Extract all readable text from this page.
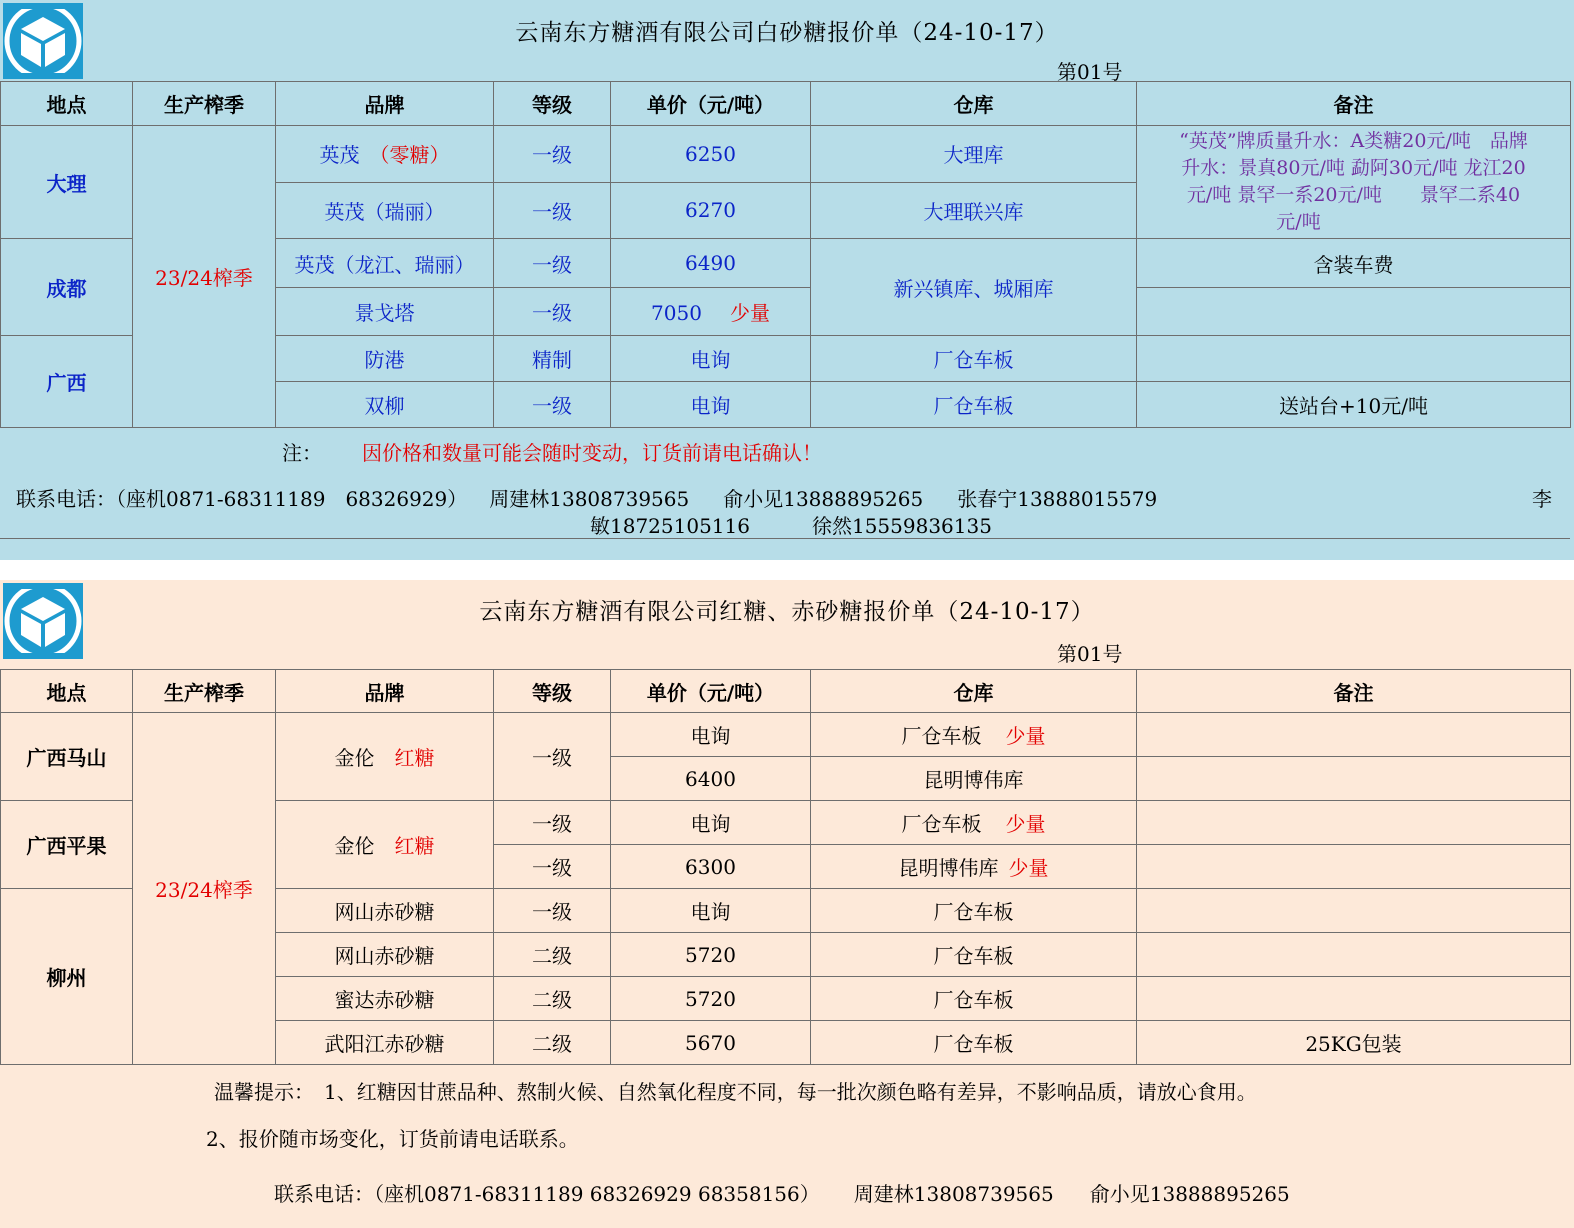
云南东方糖酒有限公司白砂糖报价单（24-10-17）
第01号
地点	生产榨季	品牌	等级	单价（元/吨）	仓库	备注
大理	23/24榨季	英茂　 （零糖）	一级	6250	大理库	“英茂”牌质量升水：A类糖20元/吨　品牌
升水：景真80元/吨 勐阿30元/吨 龙江20
元/吨 景罕一系20元/吨　　景罕二系40
元/吨

		英茂（瑞丽）	一级	6270	大理联兴库	
成都		英茂（龙江、瑞丽）	一级	6490	新兴镇库、城厢库	含装车费
		景戈塔	一级	7050 少量		
广西		防港	精制	电询	厂仓车板	
		双柳	一级	电询	厂仓车板	送站台+10元/吨
注： 因价格和数量可能会随时变动，订货前请电话确认！
联系电话：（座机0871-68311189　68326929） 周建林13808739565 俞小见13888895265 张春宁13888015579	李
敏18725105116	徐然15559836135
云南东方糖酒有限公司红糖、赤砂糖报价单（24-10-17）
第01号
地点	生产榨季	品牌	等级	单价（元/吨）	仓库	备注
广西马山	23/24榨季	金伦　 红糖	一级	电询	厂仓车板 少量	
				6400	昆明博伟库	
广西平果		金伦　 红糖	一级	电询	厂仓车板 少量	
			一级	6300	昆明博伟库 少量	
柳州		网山赤砂糖	一级	电询	厂仓车板	
		网山赤砂糖	二级	5720	厂仓车板	
		蜜达赤砂糖	二级	5720	厂仓车板	
		武阳江赤砂糖	二级	5670	厂仓车板	25KG包装
温馨提示：　1、红糖因甘蔗品种、熬制火候、自然氧化程度不同，每一批次颜色略有差异，不影响品质，请放心食用。
2、报价随市场变化，订货前请电话联系。
联系电话：（座机0871-68311189 68326929 68358156） 周建林13808739565 俞小见13888895265
